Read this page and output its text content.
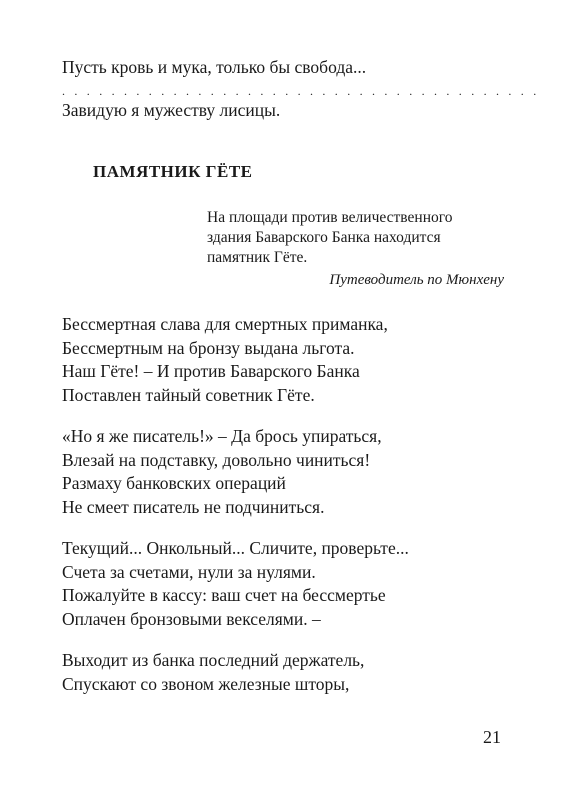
Пусть кровь и мука, только бы свобода...
. . . . . . . . . . . . . . . . . . . . . . . . . . . . . . . . . . . . . . .
Завидую я мужеству лисицы.
ПАМЯТНИК ГЁТЕ
На площади против величественного
здания Баварского Банка находится
памятник Гёте.
Путеводитель по Мюнхену
Бессмертная слава для смертных приманка,
Бессмертным на бронзу выдана льгота.
Наш Гёте! – И против Баварского Банка
Поставлен тайный советник Гёте.
«Но я же писатель!» – Да брось упираться,
Влезай на подставку, довольно чиниться!
Размаху банковских операций
Не смеет писатель не подчиниться.
Текущий... Онкольный... Сличите, проверьте...
Счета за счетами, нули за нулями.
Пожалуйте в кассу: ваш счет на бессмертье
Оплачен бронзовыми векселями. –
Выходит из банка последний держатель,
Спускают со звоном железные шторы,
21
